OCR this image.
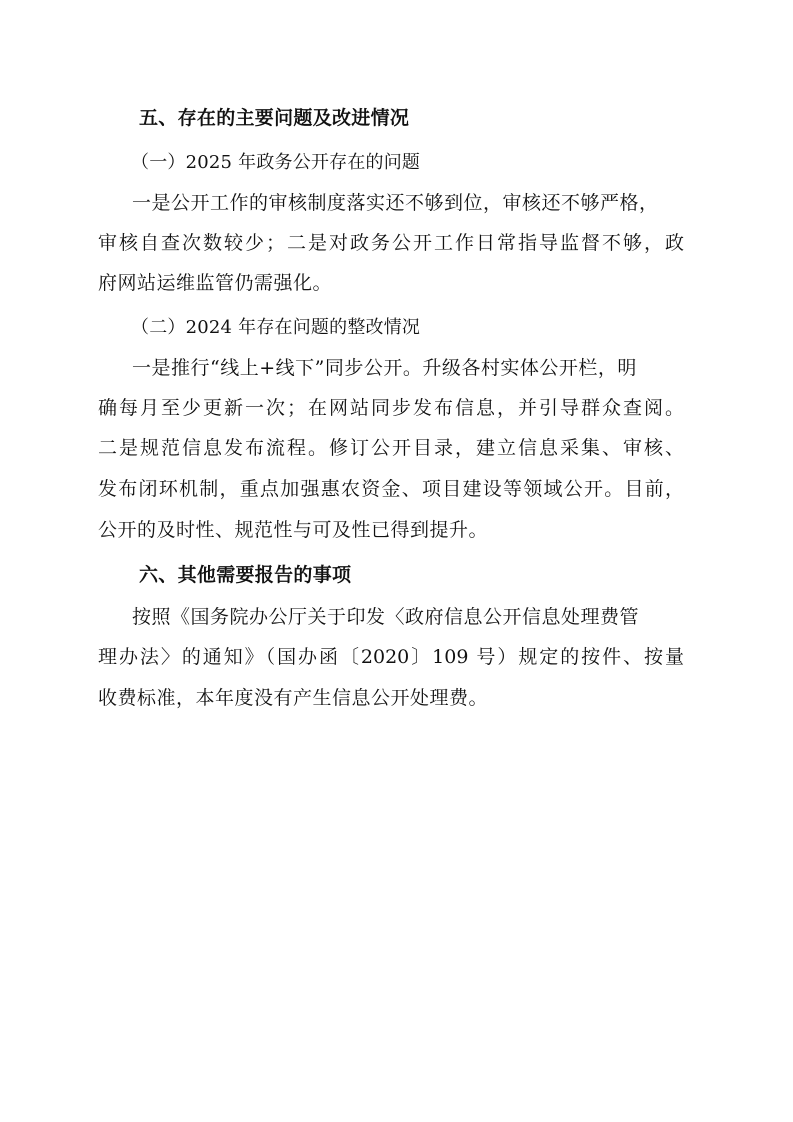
五、存在的主要问题及改进情况
（一）2025 年政务公开存在的问题
一是公开工作的审核制度落实还不够到位，审核还不够严格，
审核自查次数较少；二是对政务公开工作日常指导监督不够，政
府网站运维监管仍需强化。
（二）2024 年存在问题的整改情况
一是推行“线上+线下”同步公开。升级各村实体公开栏，明
确每月至少更新一次；在网站同步发布信息，并引导群众查阅。
二是规范信息发布流程。修订公开目录，建立信息采集、审核、
发布闭环机制，重点加强惠农资金、项目建设等领域公开。目前，
公开的及时性、规范性与可及性已得到提升。
六、其他需要报告的事项
按照《国务院办公厅关于印发〈政府信息公开信息处理费管
理办法〉的通知》（国办函〔2020〕109 号）规定的按件、按量
收费标准，本年度没有产生信息公开处理费。
